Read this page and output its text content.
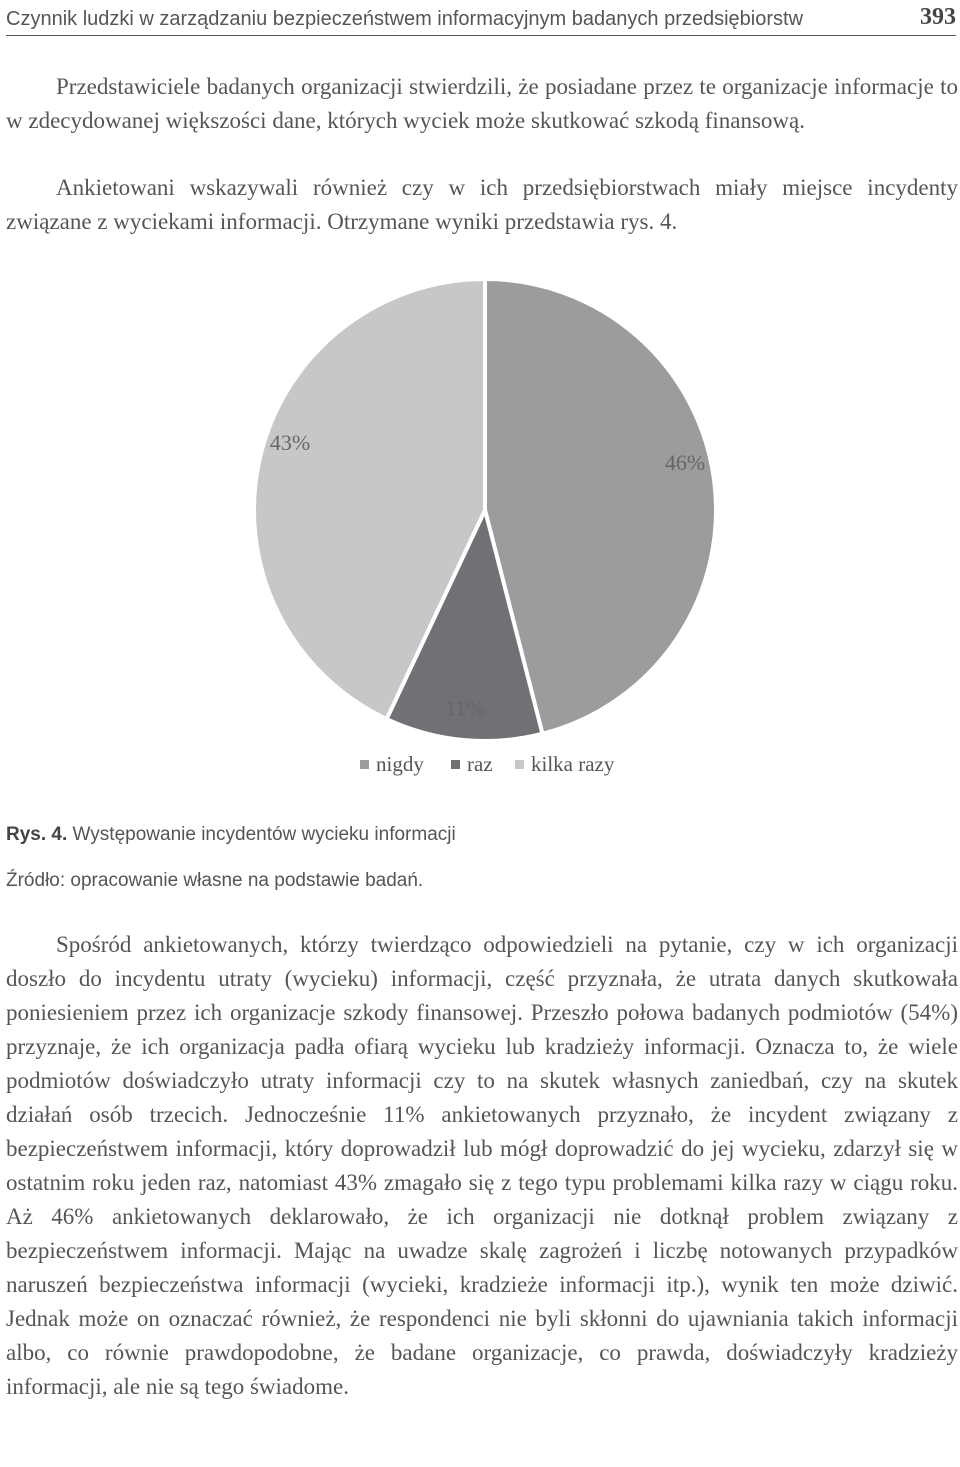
Czynnik ludzki w zarządzaniu bezpieczeństwem informacyjnym badanych przedsiębiorstw	393

Przedstawiciele badanych organizacji stwierdzili, że posiadane przez te organizacje informacje to w zdecydowanej większości dane, których wyciek może skutkować szkodą finansową.

Ankietowani wskazywali również czy w ich przedsiębiorstwach miały miejsce incydenty związane z wyciekami informacji. Otrzymane wyniki przedstawia rys. 4.

46%
11%
43%
nigdy raz kilka razy
Rys. 4. Występowanie incydentów wycieku informacji
Źródło: opracowanie własne na podstawie badań.

Spośród ankietowanych, którzy twierdząco odpowiedzieli na pytanie, czy w ich organizacji doszło do incydentu utraty (wycieku) informacji, część przyznała, że utrata danych skutkowała poniesieniem przez ich organizacje szkody finansowej. Przeszło połowa badanych podmiotów (54%) przyznaje, że ich organizacja padła ofiarą wycieku lub kradzieży informacji. Oznacza to, że wiele podmiotów doświadczyło utraty informacji czy to na skutek własnych zaniedbań, czy na skutek działań osób trzecich. Jednocześnie 11% ankietowanych przyznało, że incydent związany z bezpieczeństwem informacji, który doprowadził lub mógł doprowadzić do jej wycieku, zdarzył się w ostatnim roku jeden raz, natomiast 43% zmagało się z tego typu problemami kilka razy w ciągu roku. Aż 46% ankietowanych deklarowało, że ich organizacji nie dotknął problem związany z bezpieczeństwem informacji. Mając na uwadze skalę zagrożeń i liczbę notowanych przypadków naruszeń bezpieczeństwa informacji (wycieki, kradzieże informacji itp.), wynik ten może dziwić. Jednak może on oznaczać również, że respondenci nie byli skłonni do ujawniania takich informacji albo, co równie prawdopodobne, że badane organizacje, co prawda, doświadczyły kradzieży informacji, ale nie są tego świadome.
